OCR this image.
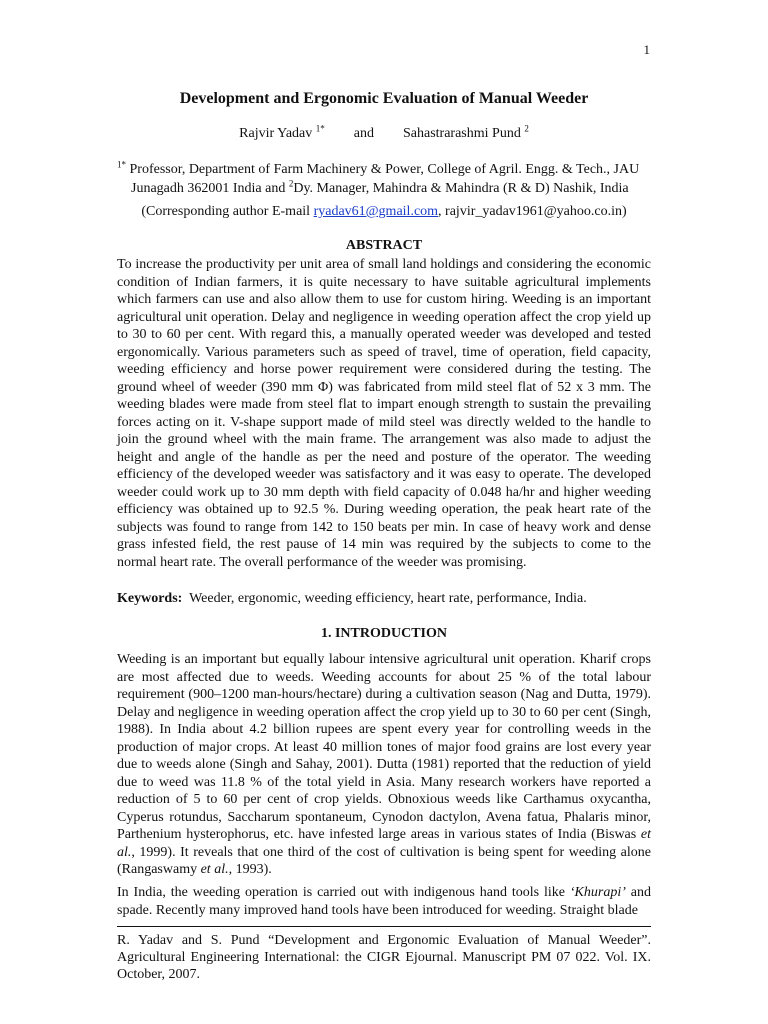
1
Development and Ergonomic Evaluation of Manual Weeder
Rajvir Yadav $^{1*}$ and Sahastrarashmi Pund $^2$
$^{1*}$ Professor, Department of Farm Machinery & Power, College of Agril. Engg. & Tech., JAU
Junagadh 362001 India and $^2$Dy. Manager, Mahindra & Mahindra (R & D) Nashik, India
(Corresponding author E-mail ryadav61@gmail.com, rajvir_yadav1961@yahoo.co.in)
ABSTRACT
To increase the productivity per unit area of small land holdings and considering the economic condition of Indian farmers, it is quite necessary to have suitable agricultural implements which farmers can use and also allow them to use for custom hiring. Weeding is an important agricultural unit operation. Delay and negligence in weeding operation affect the crop yield up to 30 to 60 per cent. With regard this, a manually operated weeder was developed and tested ergonomically. Various parameters such as speed of travel, time of operation, field capacity, weeding efficiency and horse power requirement were considered during the testing. The ground wheel of weeder (390 mm Φ) was fabricated from mild steel flat of 52 x 3 mm. The weeding blades were made from steel flat to impart enough strength to sustain the prevailing forces acting on it. V-shape support made of mild steel was directly welded to the handle to join the ground wheel with the main frame. The arrangement was also made to adjust the height and angle of the handle as per the need and posture of the operator. The weeding efficiency of the developed weeder was satisfactory and it was easy to operate. The developed weeder could work up to 30 mm depth with field capacity of 0.048 ha/hr and higher weeding efficiency was obtained up to 92.5 %. During weeding operation, the peak heart rate of the subjects was found to range from 142 to 150 beats per min. In case of heavy work and dense grass infested field, the rest pause of 14 min was required by the subjects to come to the normal heart rate. The overall performance of the weeder was promising.
Keywords: Weeder, ergonomic, weeding efficiency, heart rate, performance, India.
1. INTRODUCTION
Weeding is an important but equally labour intensive agricultural unit operation. Kharif crops are most affected due to weeds. Weeding accounts for about 25 % of the total labour requirement (900–1200 man-hours/hectare) during a cultivation season (Nag and Dutta, 1979). Delay and negligence in weeding operation affect the crop yield up to 30 to 60 per cent (Singh, 1988). In India about 4.2 billion rupees are spent every year for controlling weeds in the production of major crops. At least 40 million tones of major food grains are lost every year due to weeds alone (Singh and Sahay, 2001). Dutta (1981) reported that the reduction of yield due to weed was 11.8 % of the total yield in Asia. Many research workers have reported a reduction of 5 to 60 per cent of crop yields. Obnoxious weeds like Carthamus oxycantha, Cyperus rotundus, Saccharum spontaneum, Cynodon dactylon, Avena fatua, Phalaris minor, Parthenium hysterophorus, etc. have infested large areas in various states of India (Biswas et al., 1999). It reveals that one third of the cost of cultivation is being spent for weeding alone (Rangaswamy et al., 1993).
In India, the weeding operation is carried out with indigenous hand tools like ‘Khurapi’ and spade. Recently many improved hand tools have been introduced for weeding. Straight blade
R. Yadav and S. Pund “Development and Ergonomic Evaluation of Manual Weeder”. Agricultural Engineering International: the CIGR Ejournal. Manuscript PM 07 022. Vol. IX. October, 2007.
